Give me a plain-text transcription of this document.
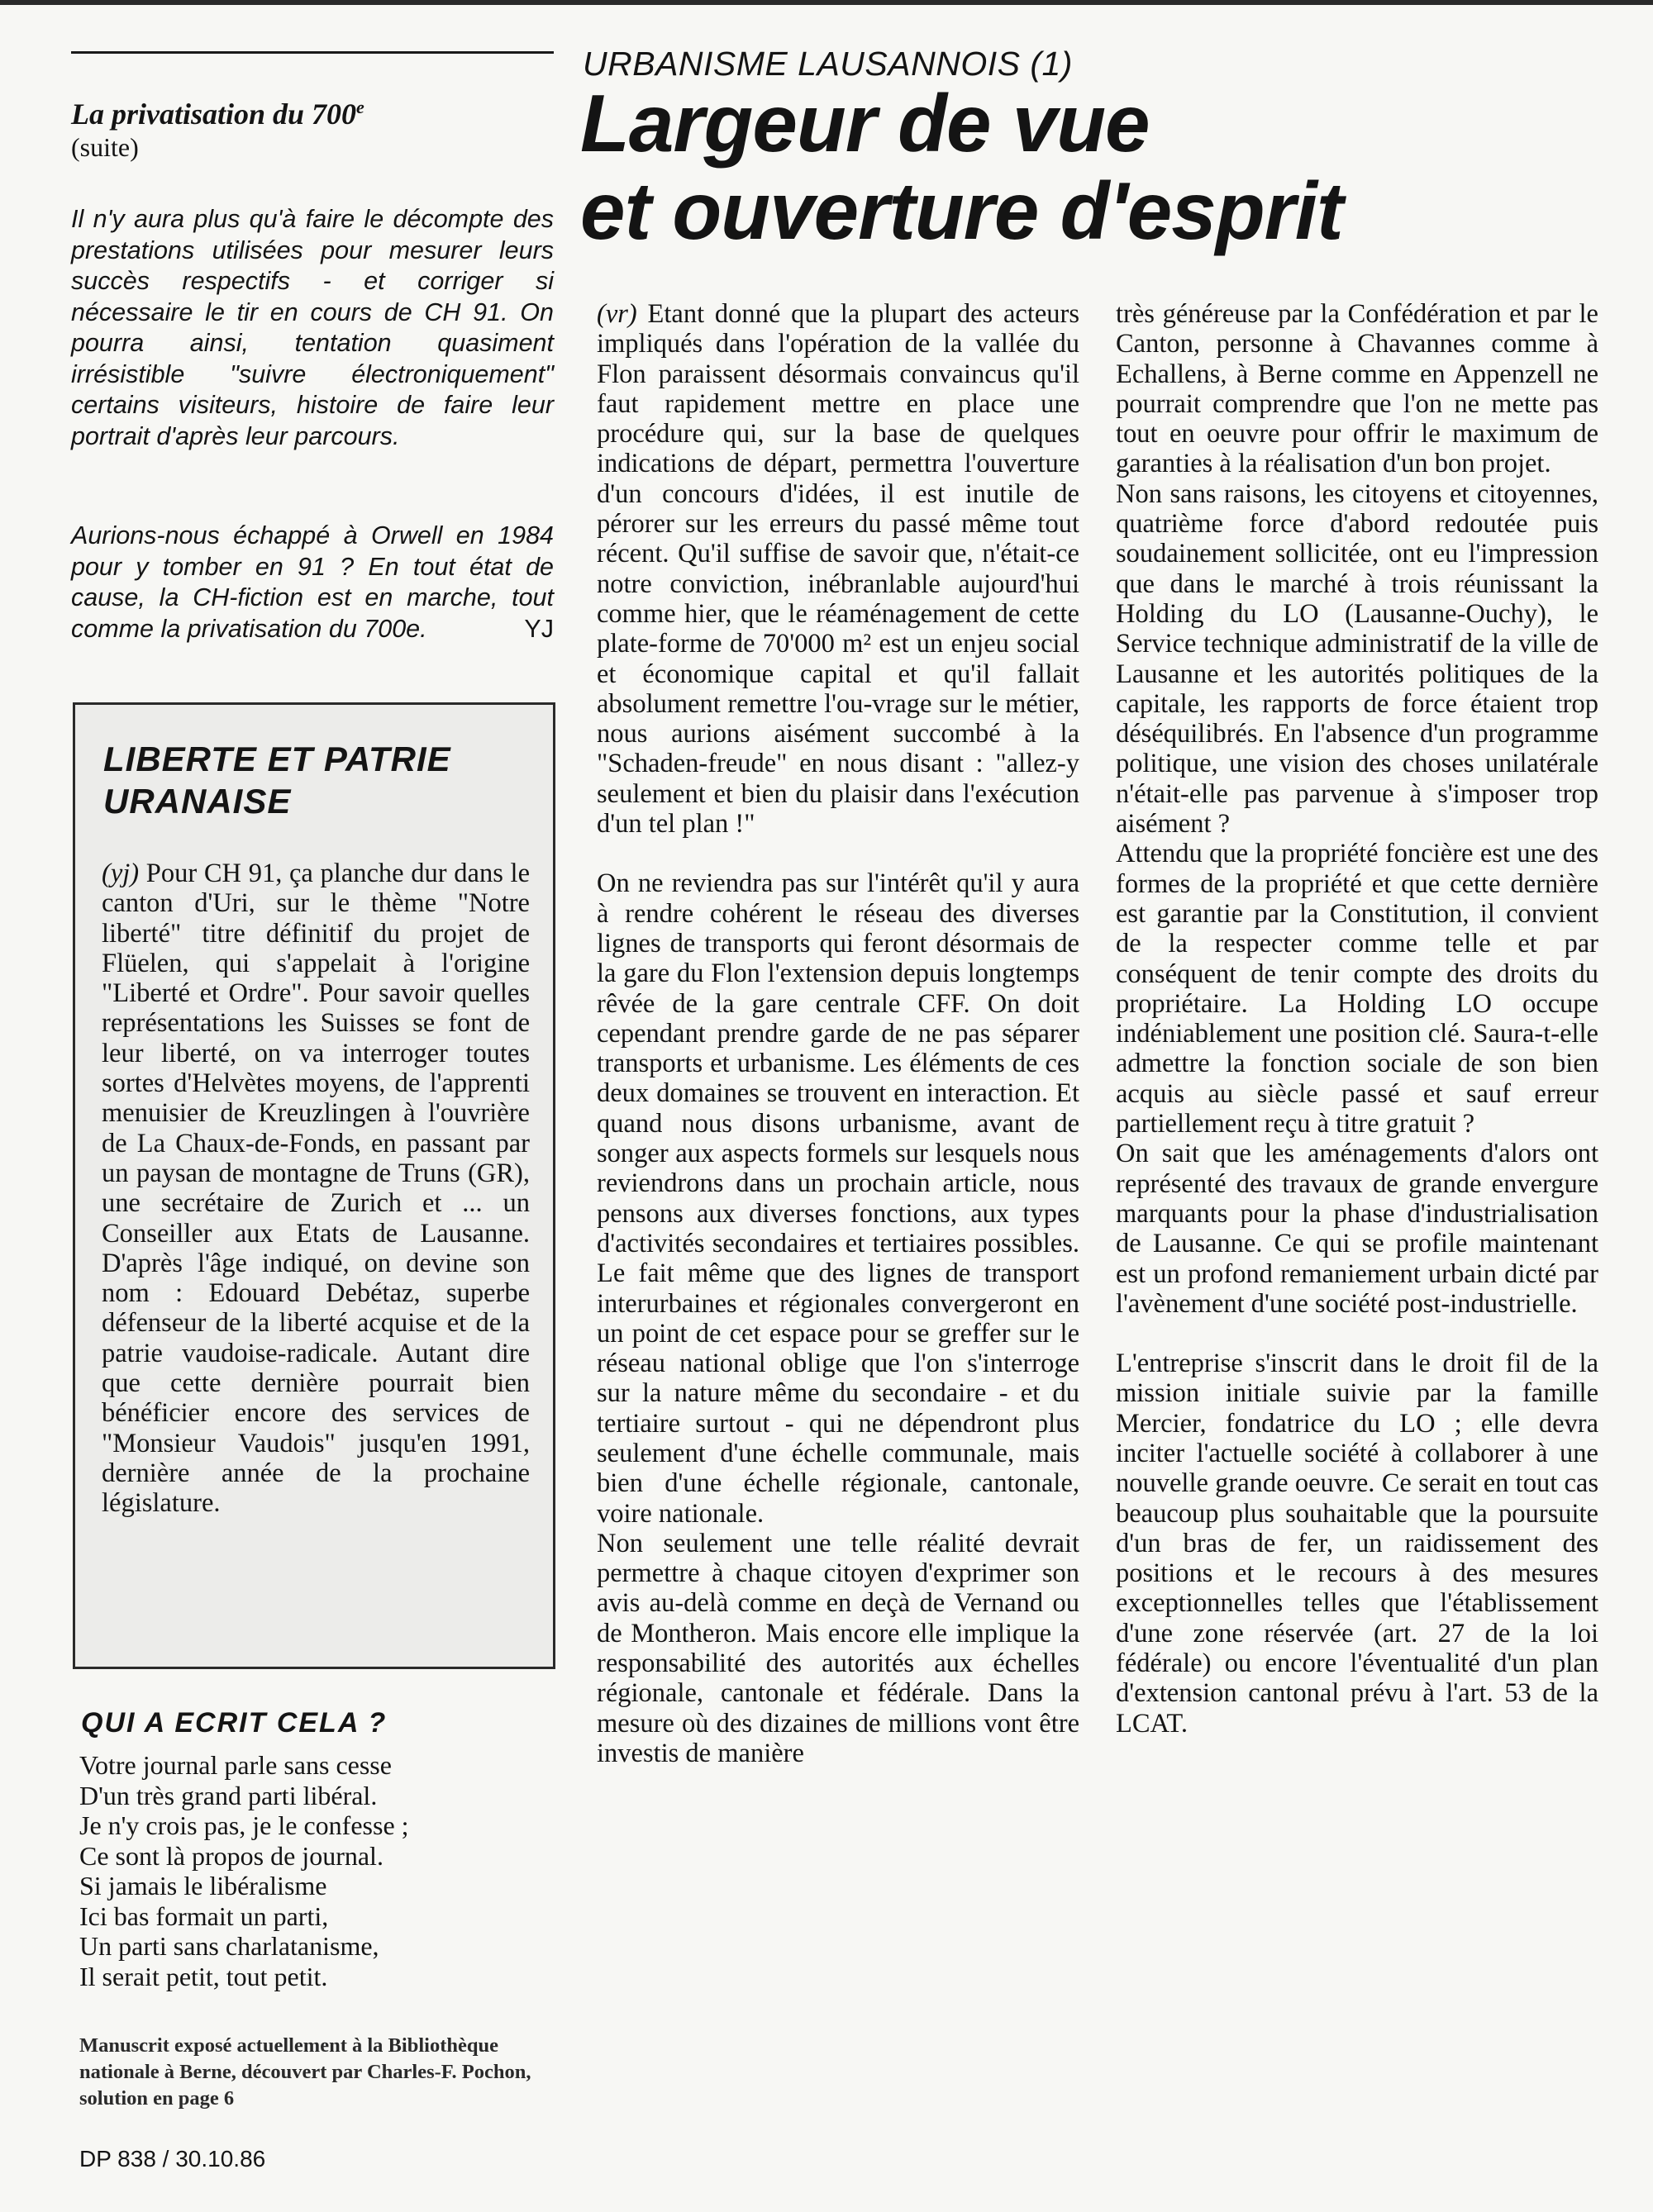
URBANISME LAUSANNOIS (1)
Largeur de vue
et ouverture d'esprit
La privatisation du 700e
(suite)

Il n'y aura plus qu'à faire le décompte des prestations utilisées pour mesurer leurs succès respectifs - et corriger si nécessaire le tir en cours de CH 91. On pourra ainsi, tentation quasiment irrésistible "suivre électroniquement" certains visiteurs, histoire de faire leur portrait d'après leur parcours.

Aurions-nous échappé à Orwell en 1984 pour y tomber en 91 ? En tout état de cause, la CH-fiction est en marche, tout comme la privatisation du 700e.	YJ

LIBERTE ET PATRIE
URANAISE

(yj) Pour CH 91, ça planche dur dans le canton d'Uri, sur le thème "Notre liberté" titre définitif du projet de Flüelen, qui s'appelait à l'origine "Liberté et Ordre". Pour savoir quelles représentations les Suisses se font de leur liberté, on va interroger toutes sortes d'Helvètes moyens, de l'apprenti menuisier de Kreuzlingen à l'ouvrière de La Chaux-de-Fonds, en passant par un paysan de montagne de Truns (GR), une secrétaire de Zurich et ... un Conseiller aux Etats de Lausanne. D'après l'âge indiqué, on devine son nom : Edouard Debétaz, superbe défenseur de la liberté acquise et de la patrie vaudoise-radicale. Autant dire que cette dernière pourrait bien bénéficier encore des services de "Monsieur Vaudois" jusqu'en 1991, dernière année de la prochaine législature.

QUI A ECRIT CELA ?

Votre journal parle sans cesse
D'un très grand parti libéral.
Je n'y crois pas, je le confesse ;
Ce sont là propos de journal.
Si jamais le libéralisme
Ici bas formait un parti,
Un parti sans charlatanisme,
Il serait petit, tout petit.

Manuscrit exposé actuellement à la Bibliothèque nationale à Berne, découvert par Charles-F. Pochon, solution en page 6

DP 838 / 30.10.86

(vr) Etant donné que la plupart des acteurs impliqués dans l'opération de la vallée du Flon paraissent désormais convaincus qu'il faut rapidement mettre en place une procédure qui, sur la base de quelques indications de départ, permettra l'ouverture d'un concours d'idées, il est inutile de pérorer sur les erreurs du passé même tout récent. Qu'il suffise de savoir que, n'était-ce notre conviction, inébranlable aujourd'hui comme hier, que le réaménagement de cette plate-forme de 70'000 m² est un enjeu social et économique capital et qu'il fallait absolument remettre l'ou-vrage sur le métier, nous aurions aisément succombé à la "Schaden-freude" en nous disant : "allez-y seulement et bien du plaisir dans l'exécution d'un tel plan !"

On ne reviendra pas sur l'intérêt qu'il y aura à rendre cohérent le réseau des diverses lignes de transports qui feront désormais de la gare du Flon l'extension depuis longtemps rêvée de la gare centrale CFF. On doit cependant prendre garde de ne pas séparer transports et urbanisme. Les éléments de ces deux domaines se trouvent en interaction. Et quand nous disons urbanisme, avant de songer aux aspects formels sur lesquels nous reviendrons dans un prochain article, nous pensons aux diverses fonctions, aux types d'activités secondaires et tertiaires possibles. Le fait même que des lignes de transport interurbaines et régionales convergeront en un point de cet espace pour se greffer sur le réseau national oblige que l'on s'interroge sur la nature même du secondaire - et du tertiaire surtout - qui ne dépendront plus seulement d'une échelle communale, mais bien d'une échelle régionale, cantonale, voire nationale.

Non seulement une telle réalité devrait permettre à chaque citoyen d'exprimer son avis au-delà comme en deçà de Vernand ou de Montheron. Mais encore elle implique la responsabilité des autorités aux échelles régionale, cantonale et fédérale. Dans la mesure où des dizaines de millions vont être investis de manière

très généreuse par la Confédération et par le Canton, personne à Chavannes comme à Echallens, à Berne comme en Appenzell ne pourrait comprendre que l'on ne mette pas tout en oeuvre pour offrir le maximum de garanties à la réalisation d'un bon projet.

Non sans raisons, les citoyens et citoyennes, quatrième force d'abord redoutée puis soudainement sollicitée, ont eu l'impression que dans le marché à trois réunissant la Holding du LO (Lausanne-Ouchy), le Service technique administratif de la ville de Lausanne et les autorités politiques de la capitale, les rapports de force étaient trop déséquilibrés. En l'absence d'un programme politique, une vision des choses unilatérale n'était-elle pas parvenue à s'imposer trop aisément ?

Attendu que la propriété foncière est une des formes de la propriété et que cette dernière est garantie par la Constitution, il convient de la respecter comme telle et par conséquent de tenir compte des droits du propriétaire. La Holding LO occupe indéniablement une position clé. Saura-t-elle admettre la fonction sociale de son bien acquis au siècle passé et sauf erreur partiellement reçu à titre gratuit ?

On sait que les aménagements d'alors ont représenté des travaux de grande envergure marquants pour la phase d'industrialisation de Lausanne. Ce qui se profile maintenant est un profond remaniement urbain dicté par l'avènement d'une société post-industrielle.

L'entreprise s'inscrit dans le droit fil de la mission initiale suivie par la famille Mercier, fondatrice du LO ; elle devra inciter l'actuelle société à collaborer à une nouvelle grande oeuvre. Ce serait en tout cas beaucoup plus souhaitable que la poursuite d'un bras de fer, un raidissement des positions et le recours à des mesures exceptionnelles telles que l'établissement d'une zone réservée (art. 27 de la loi fédérale) ou encore l'éventualité d'un plan d'extension cantonal prévu à l'art. 53 de la LCAT.
